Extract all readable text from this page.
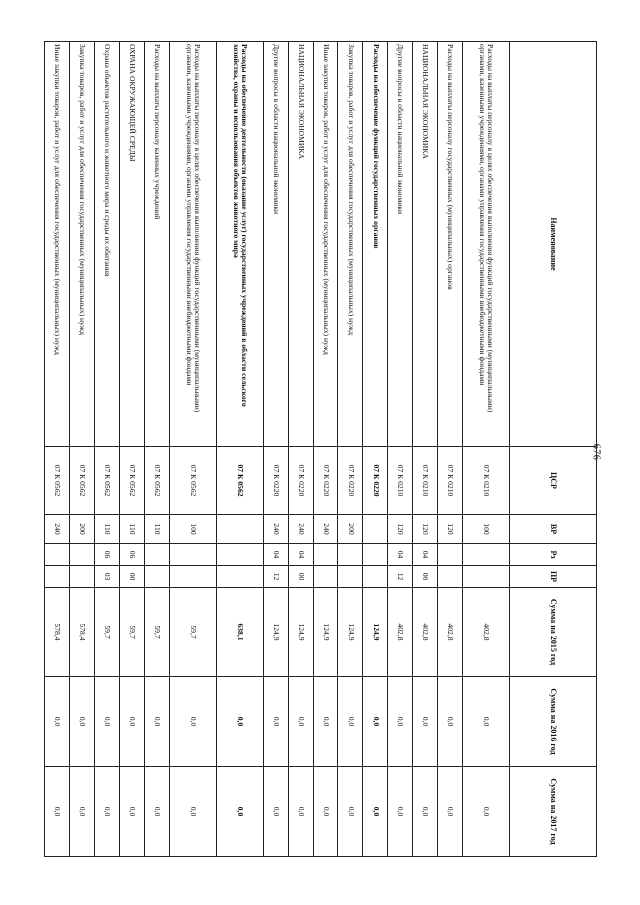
676
Наименование	ЦСР	ВР	Рз	ПР	Сумма на 2015 год	Сумма на 2016 год	Сумма на 2017 год
Расходы на выплаты персоналу в целях обеспечения выполнения функций государственными (муниципальными) органами, казенными учреждениями, органами управления государственными внебюджетными фондами	07 К 0210	100			402,8	0,0	0,0
Расходы на выплаты персоналу государственных (муниципальных) органов	07 К 0210	120			402,8	0,0	0,0
НАЦИОНАЛЬНАЯ ЭКОНОМИКА	07 К 0210	120	04	00	402,8	0,0	0,0
Другие вопросы в области национальной экономики	07 К 0210	120	04	12	402,8	0,0	0,0
Расходы на обеспечение функций государственных органов	07 К 0220				124,9	0,0	0,0
Закупка товаров, работ и услуг для обеспечения государственных (муниципальных) нужд	07 К 0220	200			124,9	0,0	0,0
Иные закупки товаров, работ и услуг для обеспечения государственных (муниципальных) нужд	07 К 0220	240			124,9	0,0	0,0
НАЦИОНАЛЬНАЯ ЭКОНОМИКА	07 К 0220	240	04	00	124,9	0,0	0,0
Другие вопросы в области национальной экономики	07 К 0220	240	04	12	124,9	0,0	0,0
Расходы на обеспечение деятельности (оказание услуг) государственных учреждений в области сельского хозяйства, охраны и использования объектов животного мира	07 К 0562				638,1	0,0	0,0
Расходы на выплаты персоналу в целях обеспечения выполнения функций государственными (муниципальными) органами, казенными учреждениями, органами управления государственными внебюджетными фондами	07 К 0562	100			59,7	0,0	0,0
Расходы на выплаты персоналу казенных учреждений	07 К 0562	110			59,7	0,0	0,0
ОХРАНА ОКРУЖАЮЩЕЙ СРЕДЫ	07 К 0562	110	06	00	59,7	0,0	0,0
Охрана объектов растительного и животного мира и среды их обитания	07 К 0562	110	06	03	59,7	0,0	0,0
Закупка товаров, работ и услуг для обеспечения государственных (муниципальных) нужд	07 К 0562	200			578,4	0,0	0,0
Иные закупки товаров, работ и услуг для обеспечения государственных (муниципальных) нужд	07 К 0562	240			578,4	0,0	0,0
